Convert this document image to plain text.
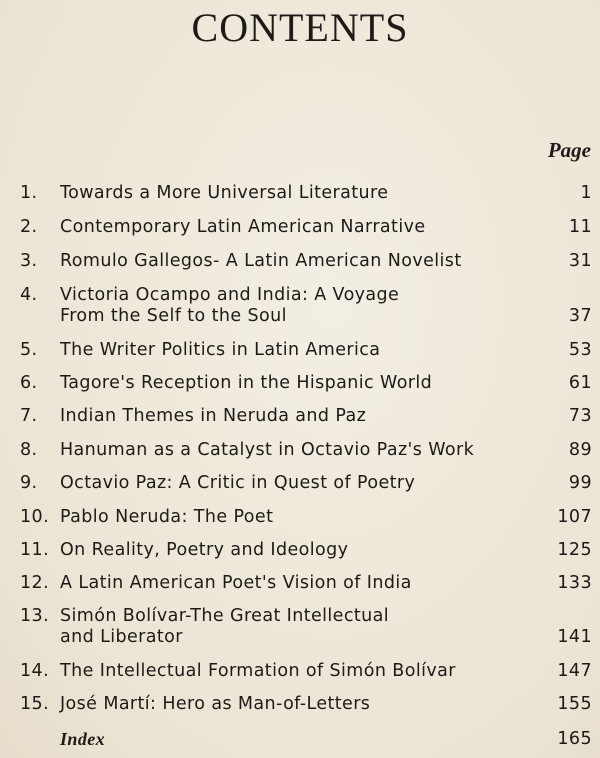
CONTENTS
Page
1. Towards a More Universal Literature	1
2. Contemporary Latin American Narrative	11
3. Romulo Gallegos- A Latin American Novelist	31
4. Victoria Ocampo and India: A Voyage
From the Self to the Soul	37
5. The Writer Politics in Latin America	53
6. Tagore's Reception in the Hispanic World	61
7. Indian Themes in Neruda and Paz	73
8. Hanuman as a Catalyst in Octavio Paz's Work	89
9. Octavio Paz: A Critic in Quest of Poetry	99
10. Pablo Neruda: The Poet	107
11. On Reality, Poetry and Ideology	125
12. A Latin American Poet's Vision of India	133
13. Simón Bolívar-The Great Intellectual
and Liberator	141
14. The Intellectual Formation of Simón Bolívar	147
15. José Martí: Hero as Man-of-Letters	155
Index	165
